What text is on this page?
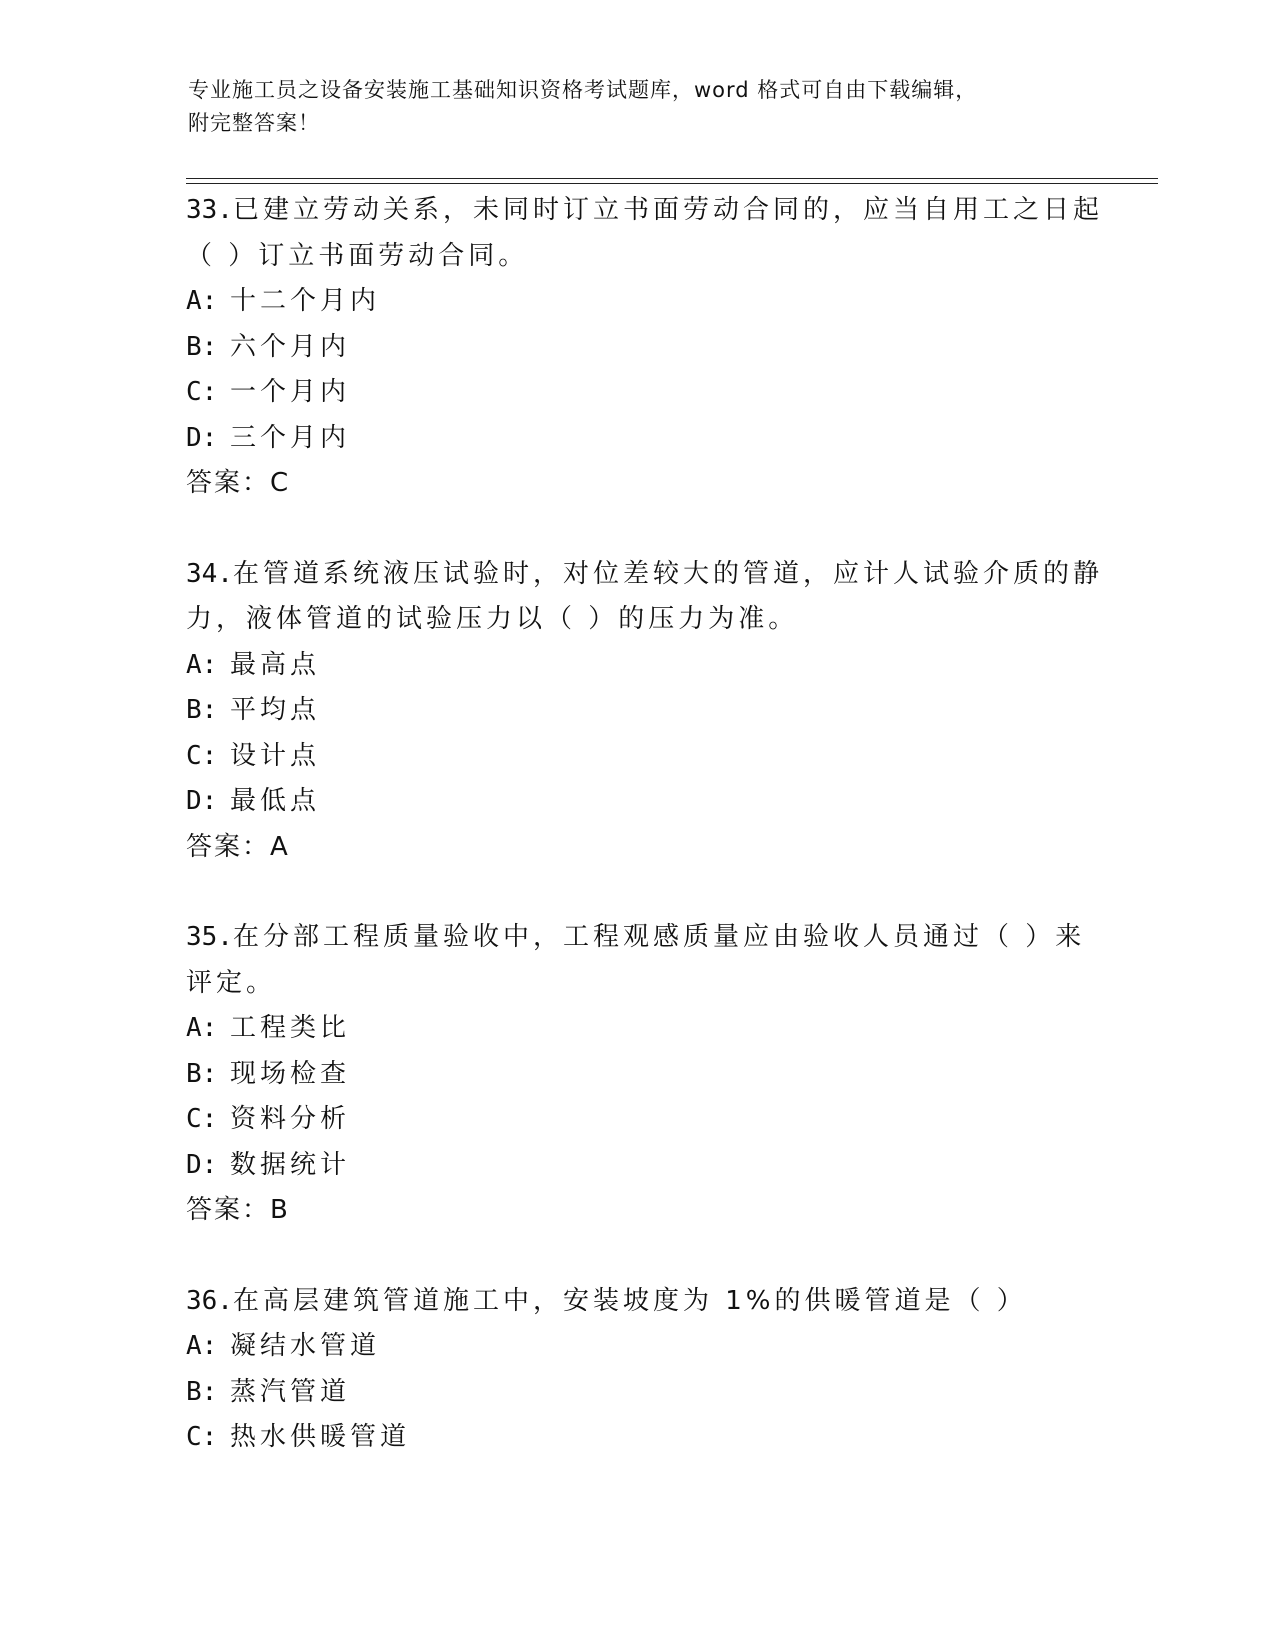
专业施工员之设备安装施工基础知识资格考试题库，word 格式可自由下载编辑，
附完整答案！
33.已建立劳动关系，未同时订立书面劳动合同的，应当自用工之日起
（ ）订立书面劳动合同。
A: 十二个月内
B: 六个月内
C: 一个月内
D: 三个月内
答案：C
34.在管道系统液压试验时，对位差较大的管道，应计人试验介质的静
力，液体管道的试验压力以（ ）的压力为准。
A: 最高点
B: 平均点
C: 设计点
D: 最低点
答案：A
35.在分部工程质量验收中，工程观感质量应由验收人员通过（ ）来
评定。
A: 工程类比
B: 现场检查
C: 资料分析
D: 数据统计
答案：B
36.在高层建筑管道施工中，安装坡度为 1%的供暖管道是（ ）
A: 凝结水管道
B: 蒸汽管道
C: 热水供暖管道
